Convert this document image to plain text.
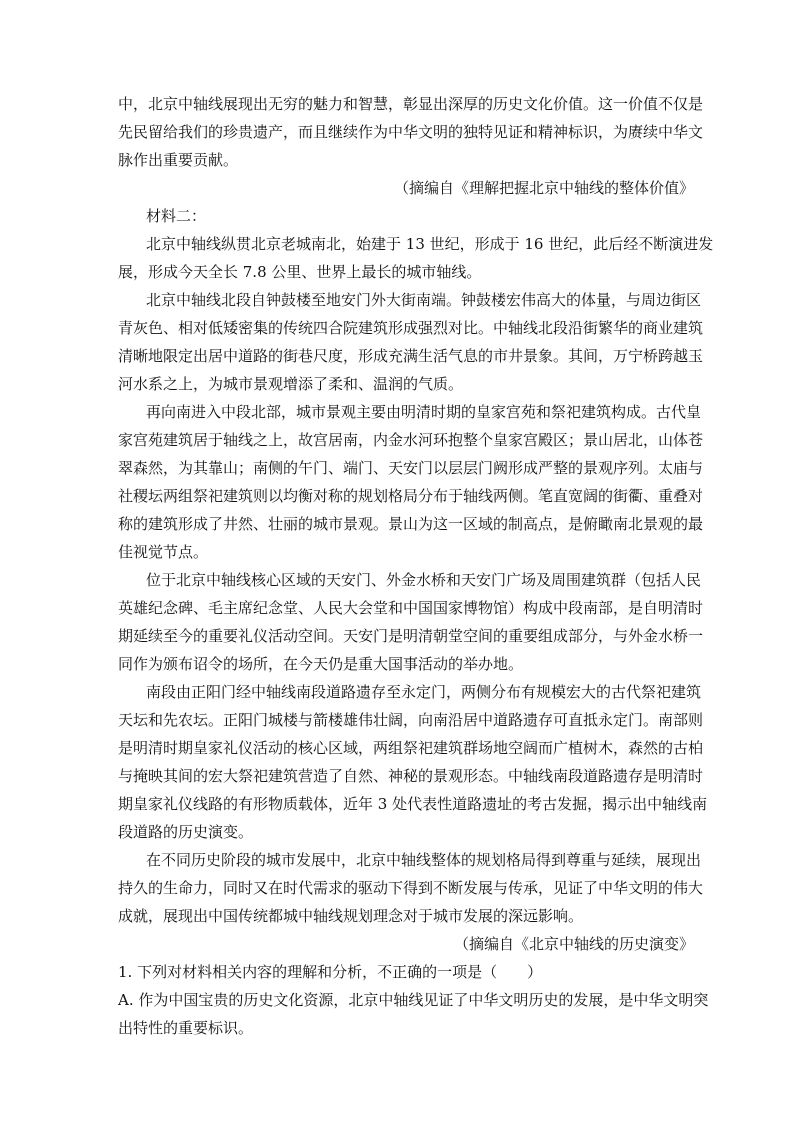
中，北京中轴线展现出无穷的魅力和智慧，彰显出深厚的历史文化价值。这一价值不仅是
先民留给我们的珍贵遗产，而且继续作为中华文明的独特见证和精神标识，为赓续中华文
脉作出重要贡献。
（摘编自《理解把握北京中轴线的整体价值》
材料二：
北京中轴线纵贯北京老城南北，始建于 13 世纪，形成于 16 世纪，此后经不断演进发
展，形成今天全长 7.8 公里、世界上最长的城市轴线。
北京中轴线北段自钟鼓楼至地安门外大街南端。钟鼓楼宏伟高大的体量，与周边街区
青灰色、相对低矮密集的传统四合院建筑形成强烈对比。中轴线北段沿街繁华的商业建筑
清晰地限定出居中道路的街巷尺度，形成充满生活气息的市井景象。其间，万宁桥跨越玉
河水系之上，为城市景观增添了柔和、温润的气质。
再向南进入中段北部，城市景观主要由明清时期的皇家宫苑和祭祀建筑构成。古代皇
家宫苑建筑居于轴线之上，故宫居南，内金水河环抱整个皇家宫殿区；景山居北，山体苍
翠森然，为其靠山；南侧的午门、端门、天安门以层层门阙形成严整的景观序列。太庙与
社稷坛两组祭祀建筑则以均衡对称的规划格局分布于轴线两侧。笔直宽阔的街衢、重叠对
称的建筑形成了井然、壮丽的城市景观。景山为这一区域的制高点，是俯瞰南北景观的最
佳视觉节点。
位于北京中轴线核心区域的天安门、外金水桥和天安门广场及周围建筑群（包括人民
英雄纪念碑、毛主席纪念堂、人民大会堂和中国国家博物馆）构成中段南部，是自明清时
期延续至今的重要礼仪活动空间。天安门是明清朝堂空间的重要组成部分，与外金水桥一
同作为颁布诏令的场所，在今天仍是重大国事活动的举办地。
南段由正阳门经中轴线南段道路遗存至永定门，两侧分布有规模宏大的古代祭祀建筑
天坛和先农坛。正阳门城楼与箭楼雄伟壮阔，向南沿居中道路遗存可直抵永定门。南部则
是明清时期皇家礼仪活动的核心区域，两组祭祀建筑群场地空阔而广植树木，森然的古柏
与掩映其间的宏大祭祀建筑营造了自然、神秘的景观形态。中轴线南段道路遗存是明清时
期皇家礼仪线路的有形物质载体，近年 3 处代表性道路遗址的考古发掘，揭示出中轴线南
段道路的历史演变。
在不同历史阶段的城市发展中，北京中轴线整体的规划格局得到尊重与延续，展现出
持久的生命力，同时又在时代需求的驱动下得到不断发展与传承，见证了中华文明的伟大
成就，展现出中国传统都城中轴线规划理念对于城市发展的深远影响。
（摘编自《北京中轴线的历史演变》
1. 下列对材料相关内容的理解和分析，不正确的一项是（　　）
A. 作为中国宝贵的历史文化资源，北京中轴线见证了中华文明历史的发展，是中华文明突
出特性的重要标识。
